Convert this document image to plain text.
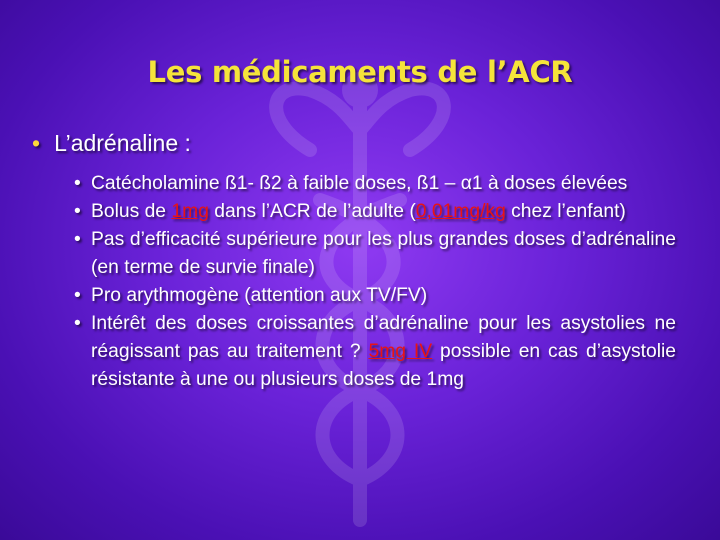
Les médicaments de l’ACR
• L’adrénaline :
• Catécholamine ß1- ß2 à faible doses, ß1 – α1 à doses élevées
• Bolus de 1mg dans l’ACR de l’adulte (0,01mg/kg chez l’enfant)
• Pas d’efficacité supérieure pour les plus grandes doses d’adrénaline (en terme de survie finale)
• Pro arythmogène (attention aux TV/FV)
• Intérêt des doses croissantes d’adrénaline pour les asystolies ne réagissant pas au traitement ? 5mg IV possible en cas d’asystolie résistante à une ou plusieurs doses de 1mg
